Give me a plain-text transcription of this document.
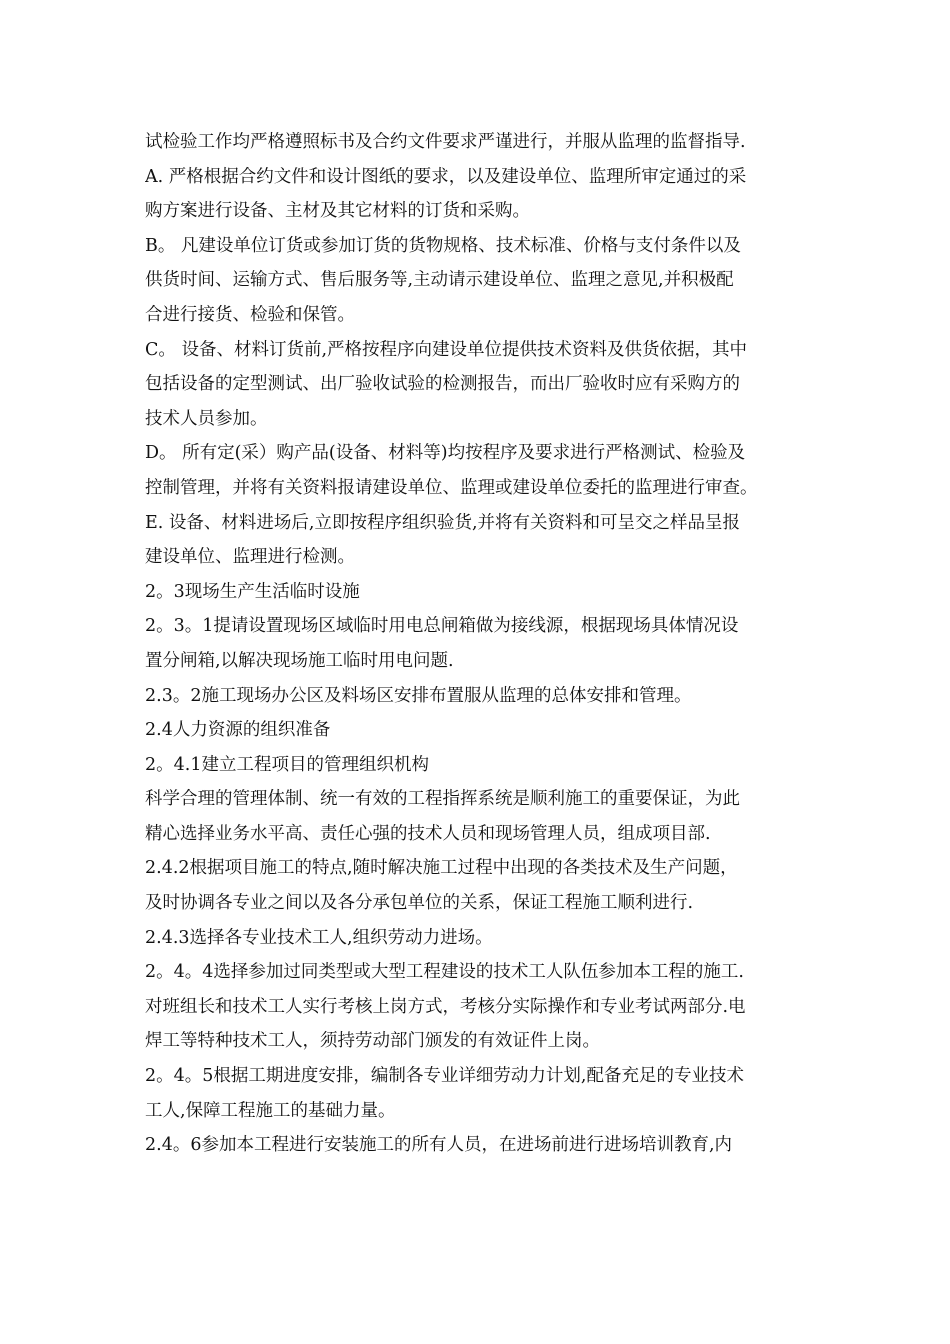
试检验工作均严格遵照标书及合约文件要求严谨进行，并服从监理的监督指导.
A. 严格根据合约文件和设计图纸的要求，以及建设单位、监理所审定通过的采
购方案进行设备、主材及其它材料的订货和采购。
B。 凡建设单位订货或参加订货的货物规格、技术标准、价格与支付条件以及
供货时间、运输方式、售后服务等,主动请示建设单位、监理之意见,并积极配
合进行接货、检验和保管。
C。 设备、材料订货前,严格按程序向建设单位提供技术资料及供货依据，其中
包括设备的定型测试、出厂验收试验的检测报告，而出厂验收时应有采购方的
技术人员参加。
D。 所有定(采）购产品(设备、材料等)均按程序及要求进行严格测试、检验及
控制管理，并将有关资料报请建设单位、监理或建设单位委托的监理进行审查。
E. 设备、材料进场后,立即按程序组织验货,并将有关资料和可呈交之样品呈报
建设单位、监理进行检测。
2。3现场生产生活临时设施
2。3。1提请设置现场区域临时用电总闸箱做为接线源，根据现场具体情况设
置分闸箱,以解决现场施工临时用电问题.
2.3。2施工现场办公区及料场区安排布置服从监理的总体安排和管理。
2.4人力资源的组织准备
2。4.1建立工程项目的管理组织机构
科学合理的管理体制、统一有效的工程指挥系统是顺利施工的重要保证，为此
精心选择业务水平高、责任心强的技术人员和现场管理人员，组成项目部.
2.4.2根据项目施工的特点,随时解决施工过程中出现的各类技术及生产问题，
及时协调各专业之间以及各分承包单位的关系，保证工程施工顺利进行.
2.4.3选择各专业技术工人,组织劳动力进场。
2。4。4选择参加过同类型或大型工程建设的技术工人队伍参加本工程的施工.
对班组长和技术工人实行考核上岗方式，考核分实际操作和专业考试两部分.电
焊工等特种技术工人，须持劳动部门颁发的有效证件上岗。
2。4。5根据工期进度安排，编制各专业详细劳动力计划,配备充足的专业技术
工人,保障工程施工的基础力量。
2.4。6参加本工程进行安装施工的所有人员，在进场前进行进场培训教育,内
